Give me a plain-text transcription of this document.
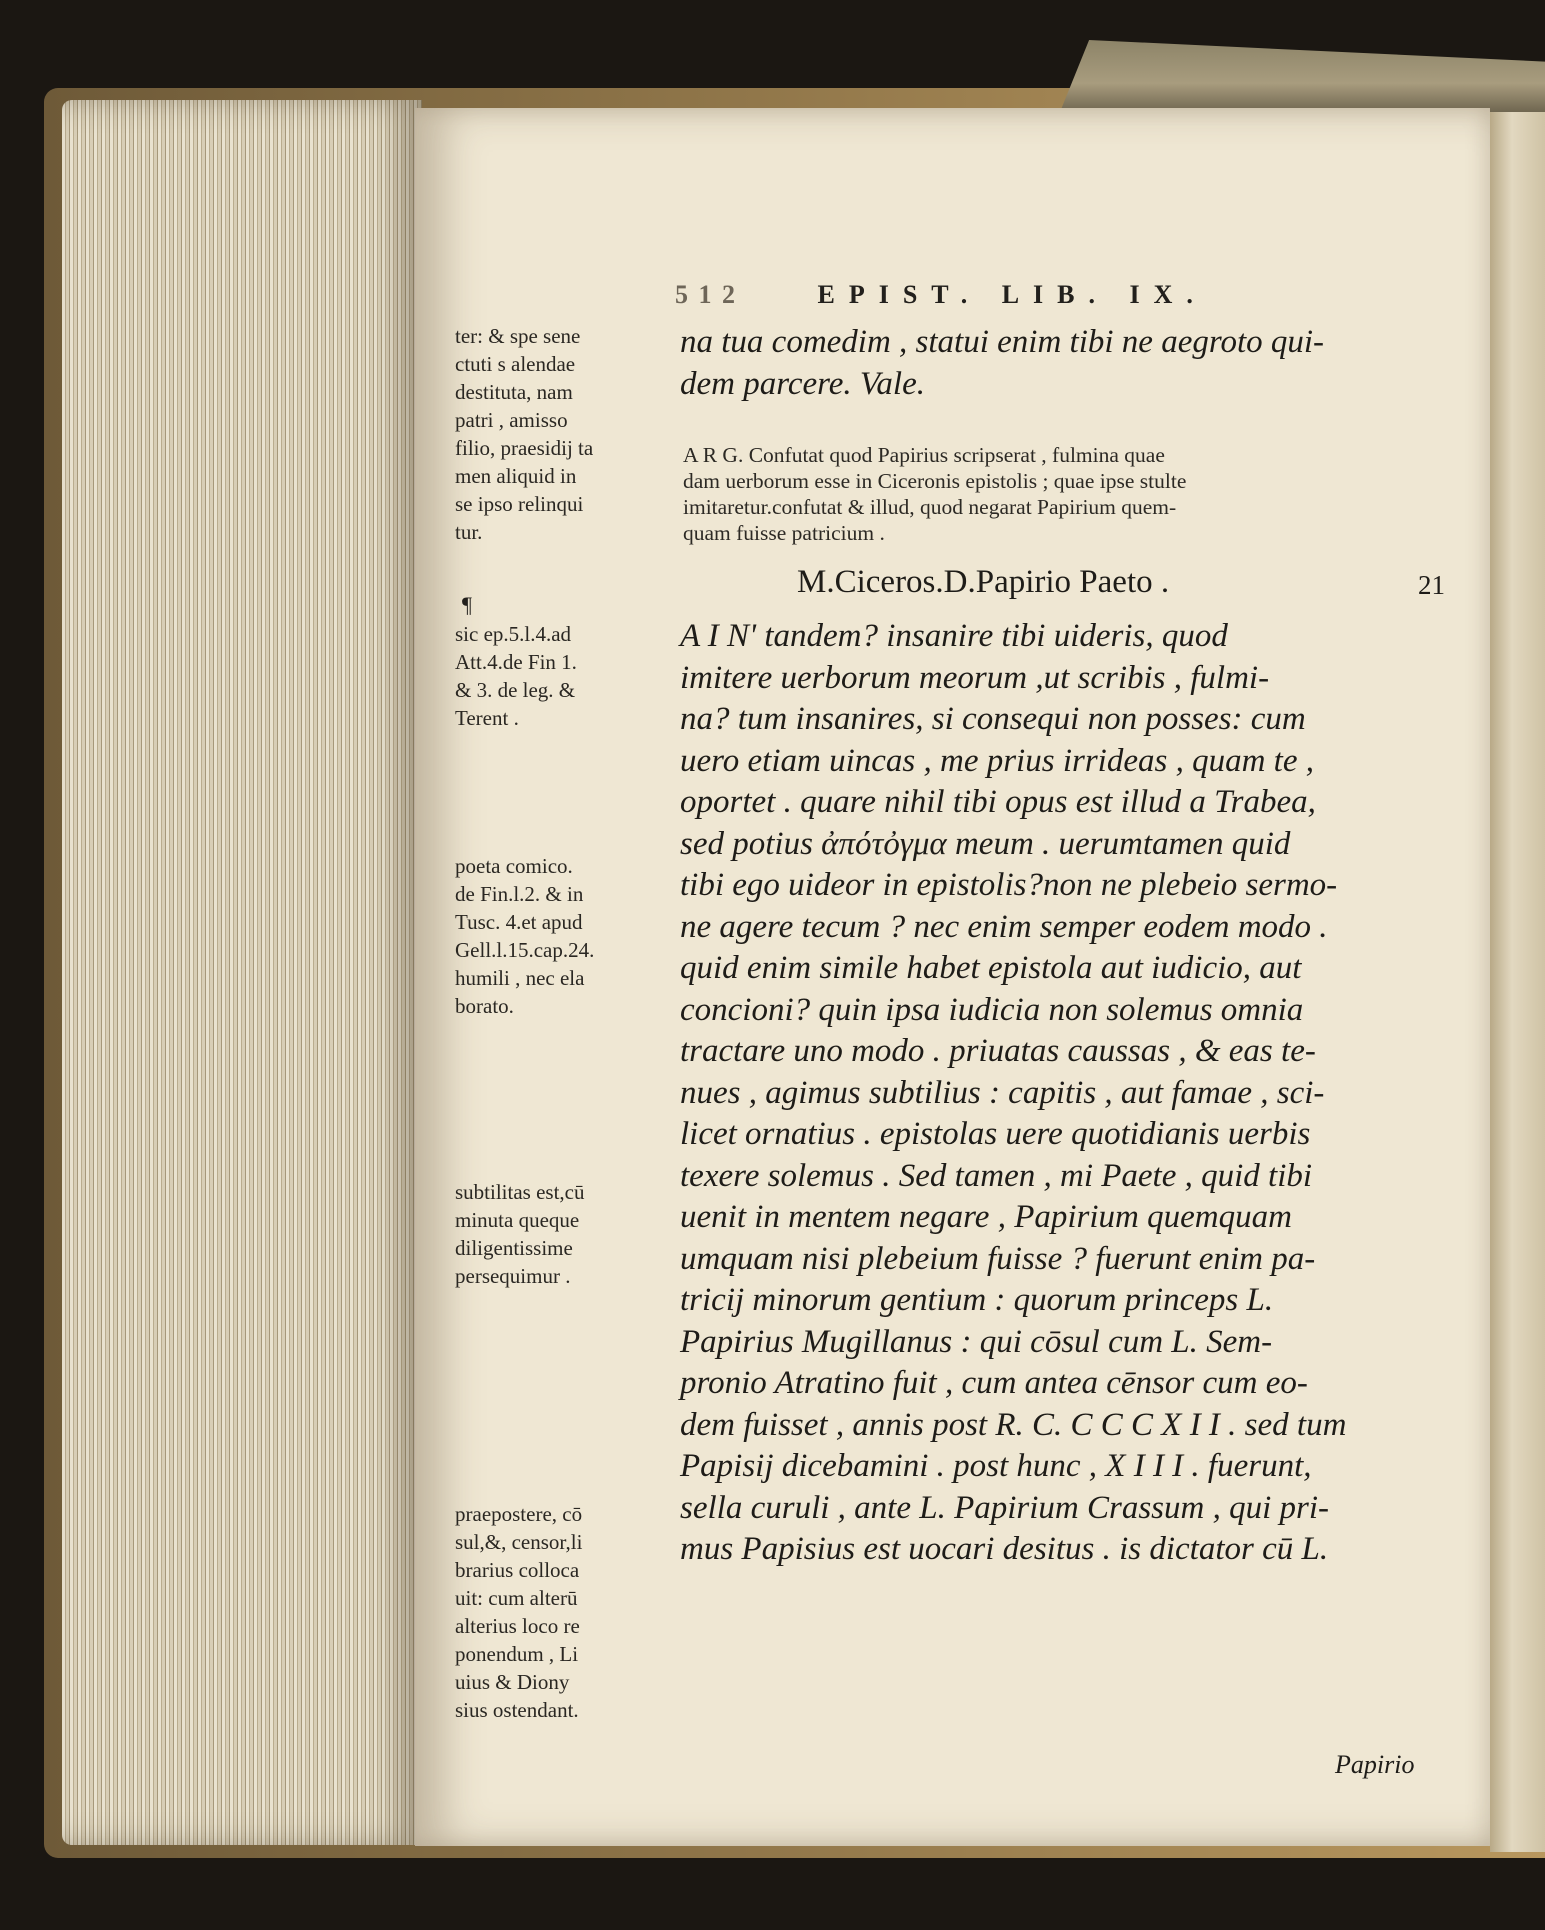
5 1 2	EPIST. LIB. IX.
ter: & spe sene
ctuti s alendae
destituta, nam
patri , amisso
filio, praesidij ta
men aliquid in
se ipso relinqui
tur.
na tua comedim , statui enim tibi ne aegroto qui-
dem parcere. Vale.
A R G. Confutat quod Papirius scripserat , fulmina quae
dam uerborum esse in Ciceronis epistolis ; quae ipse stulte
imitaretur.confutat & illud, quod negarat Papirium quem-
quam fuisse patricium .
¶
M.Ciceros.D.Papirio Paeto .	21
sic ep.5.l.4.ad
Att.4.de Fin 1.
& 3. de leg. &
Terent .
poeta comico.
de Fin.l.2. & in
Tusc. 4.et apud
Gell.l.15.cap.24.
humili , nec ela
borato.
subtilitas est,cū
minuta queque
diligentissime
persequimur .
praepostere, cō
sul,&, censor,li
brarius colloca
uit: cum alterū
alterius loco re
ponendum , Li
uius & Diony
sius ostendant.
A I N' tandem? insanire tibi uideris, quod
imitere uerborum meorum ,ut scribis , fulmi-
na? tum insanires, si consequi non posses: cum
uero etiam uincas , me prius irrideas , quam te ,
oportet . quare nihil tibi opus est illud a Trabea,
sed potius ἀπότὀγμα meum . uerumtamen quid
tibi ego uideor in epistolis?non ne plebeio sermo-
ne agere tecum ? nec enim semper eodem modo .
quid enim simile habet epistola aut iudicio, aut
concioni? quin ipsa iudicia non solemus omnia
tractare uno modo . priuatas caussas , & eas te-
nues , agimus subtilius : capitis , aut famae , sci-
licet ornatius . epistolas uere quotidianis uerbis
texere solemus . Sed tamen , mi Paete , quid tibi
uenit in mentem negare , Papirium quemquam
umquam nisi plebeium fuisse ? fuerunt enim pa-
tricij minorum gentium : quorum princeps L.
Papirius Mugillanus : qui cōsul cum L. Sem-
pronio Atratino fuit , cum antea cēnsor cum eo-
dem fuisset , annis post R. C. C C C X I I . sed tum
Papisij dicebamini . post hunc , X I I I . fuerunt,
sella curuli , ante L. Papirium Crassum , qui pri-
mus Papisius est uocari desitus . is dictator cū L.
Papirio
